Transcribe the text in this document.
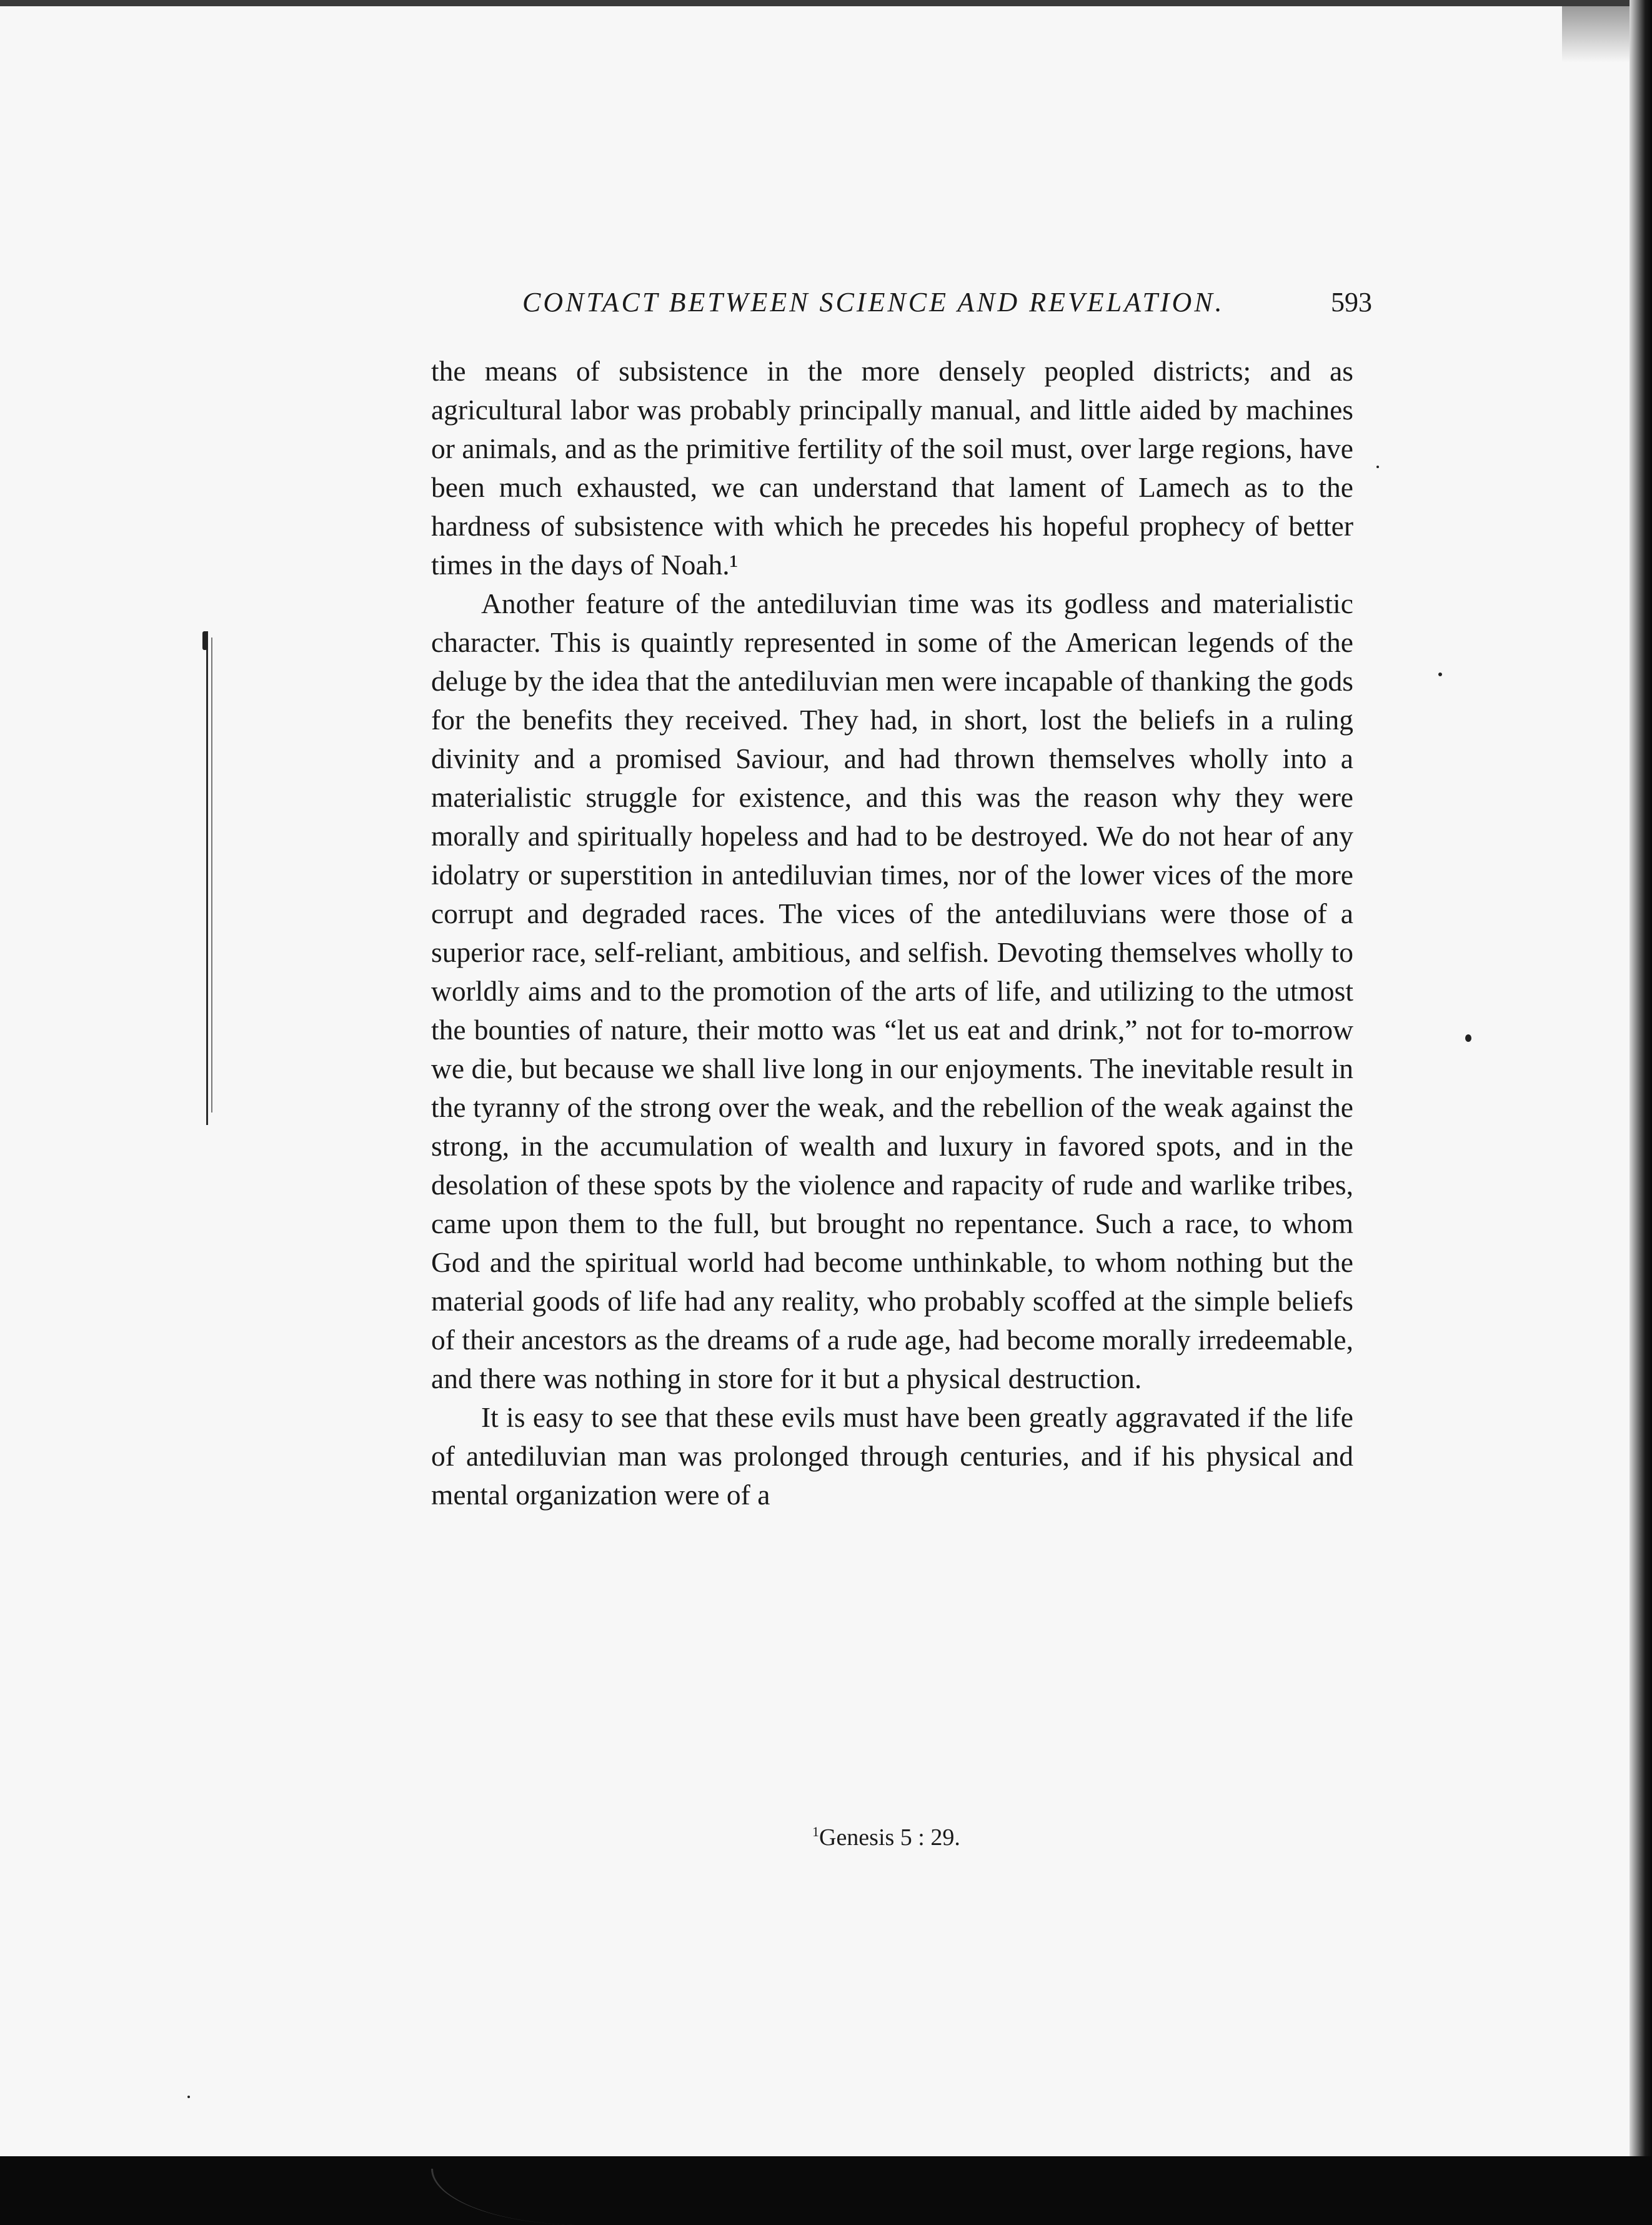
CONTACT BETWEEN SCIENCE AND REVELATION.	593

the means of subsistence in the more densely peopled districts; and as agricultural labor was probably principally manual, and little aided by machines or animals, and as the primitive fertility of the soil must, over large regions, have been much exhausted, we can understand that lament of Lamech as to the hardness of subsistence with which he precedes his hopeful prophecy of better times in the days of Noah.¹

Another feature of the antediluvian time was its godless and materialistic character. This is quaintly represented in some of the American legends of the deluge by the idea that the antediluvian men were incapable of thanking the gods for the benefits they received. They had, in short, lost the beliefs in a ruling divinity and a promised Saviour, and had thrown themselves wholly into a materialistic struggle for existence, and this was the reason why they were morally and spiritually hopeless and had to be destroyed. We do not hear of any idolatry or superstition in antediluvian times, nor of the lower vices of the more corrupt and degraded races. The vices of the antediluvians were those of a superior race, self-reliant, ambitious, and selfish. Devoting themselves wholly to worldly aims and to the promotion of the arts of life, and utilizing to the utmost the bounties of nature, their motto was “let us eat and drink,” not for to-morrow we die, but because we shall live long in our enjoyments. The inevitable result in the tyranny of the strong over the weak, and the rebellion of the weak against the strong, in the accumulation of wealth and luxury in favored spots, and in the desolation of these spots by the violence and rapacity of rude and warlike tribes, came upon them to the full, but brought no repentance. Such a race, to whom God and the spiritual world had become unthinkable, to whom nothing but the material goods of life had any reality, who probably scoffed at the simple beliefs of their ancestors as the dreams of a rude age, had become morally irredeemable, and there was nothing in store for it but a physical destruction.

It is easy to see that these evils must have been greatly aggravated if the life of antediluvian man was prolonged through centuries, and if his physical and mental organization were of a

$^1$Genesis 5 : 29.
